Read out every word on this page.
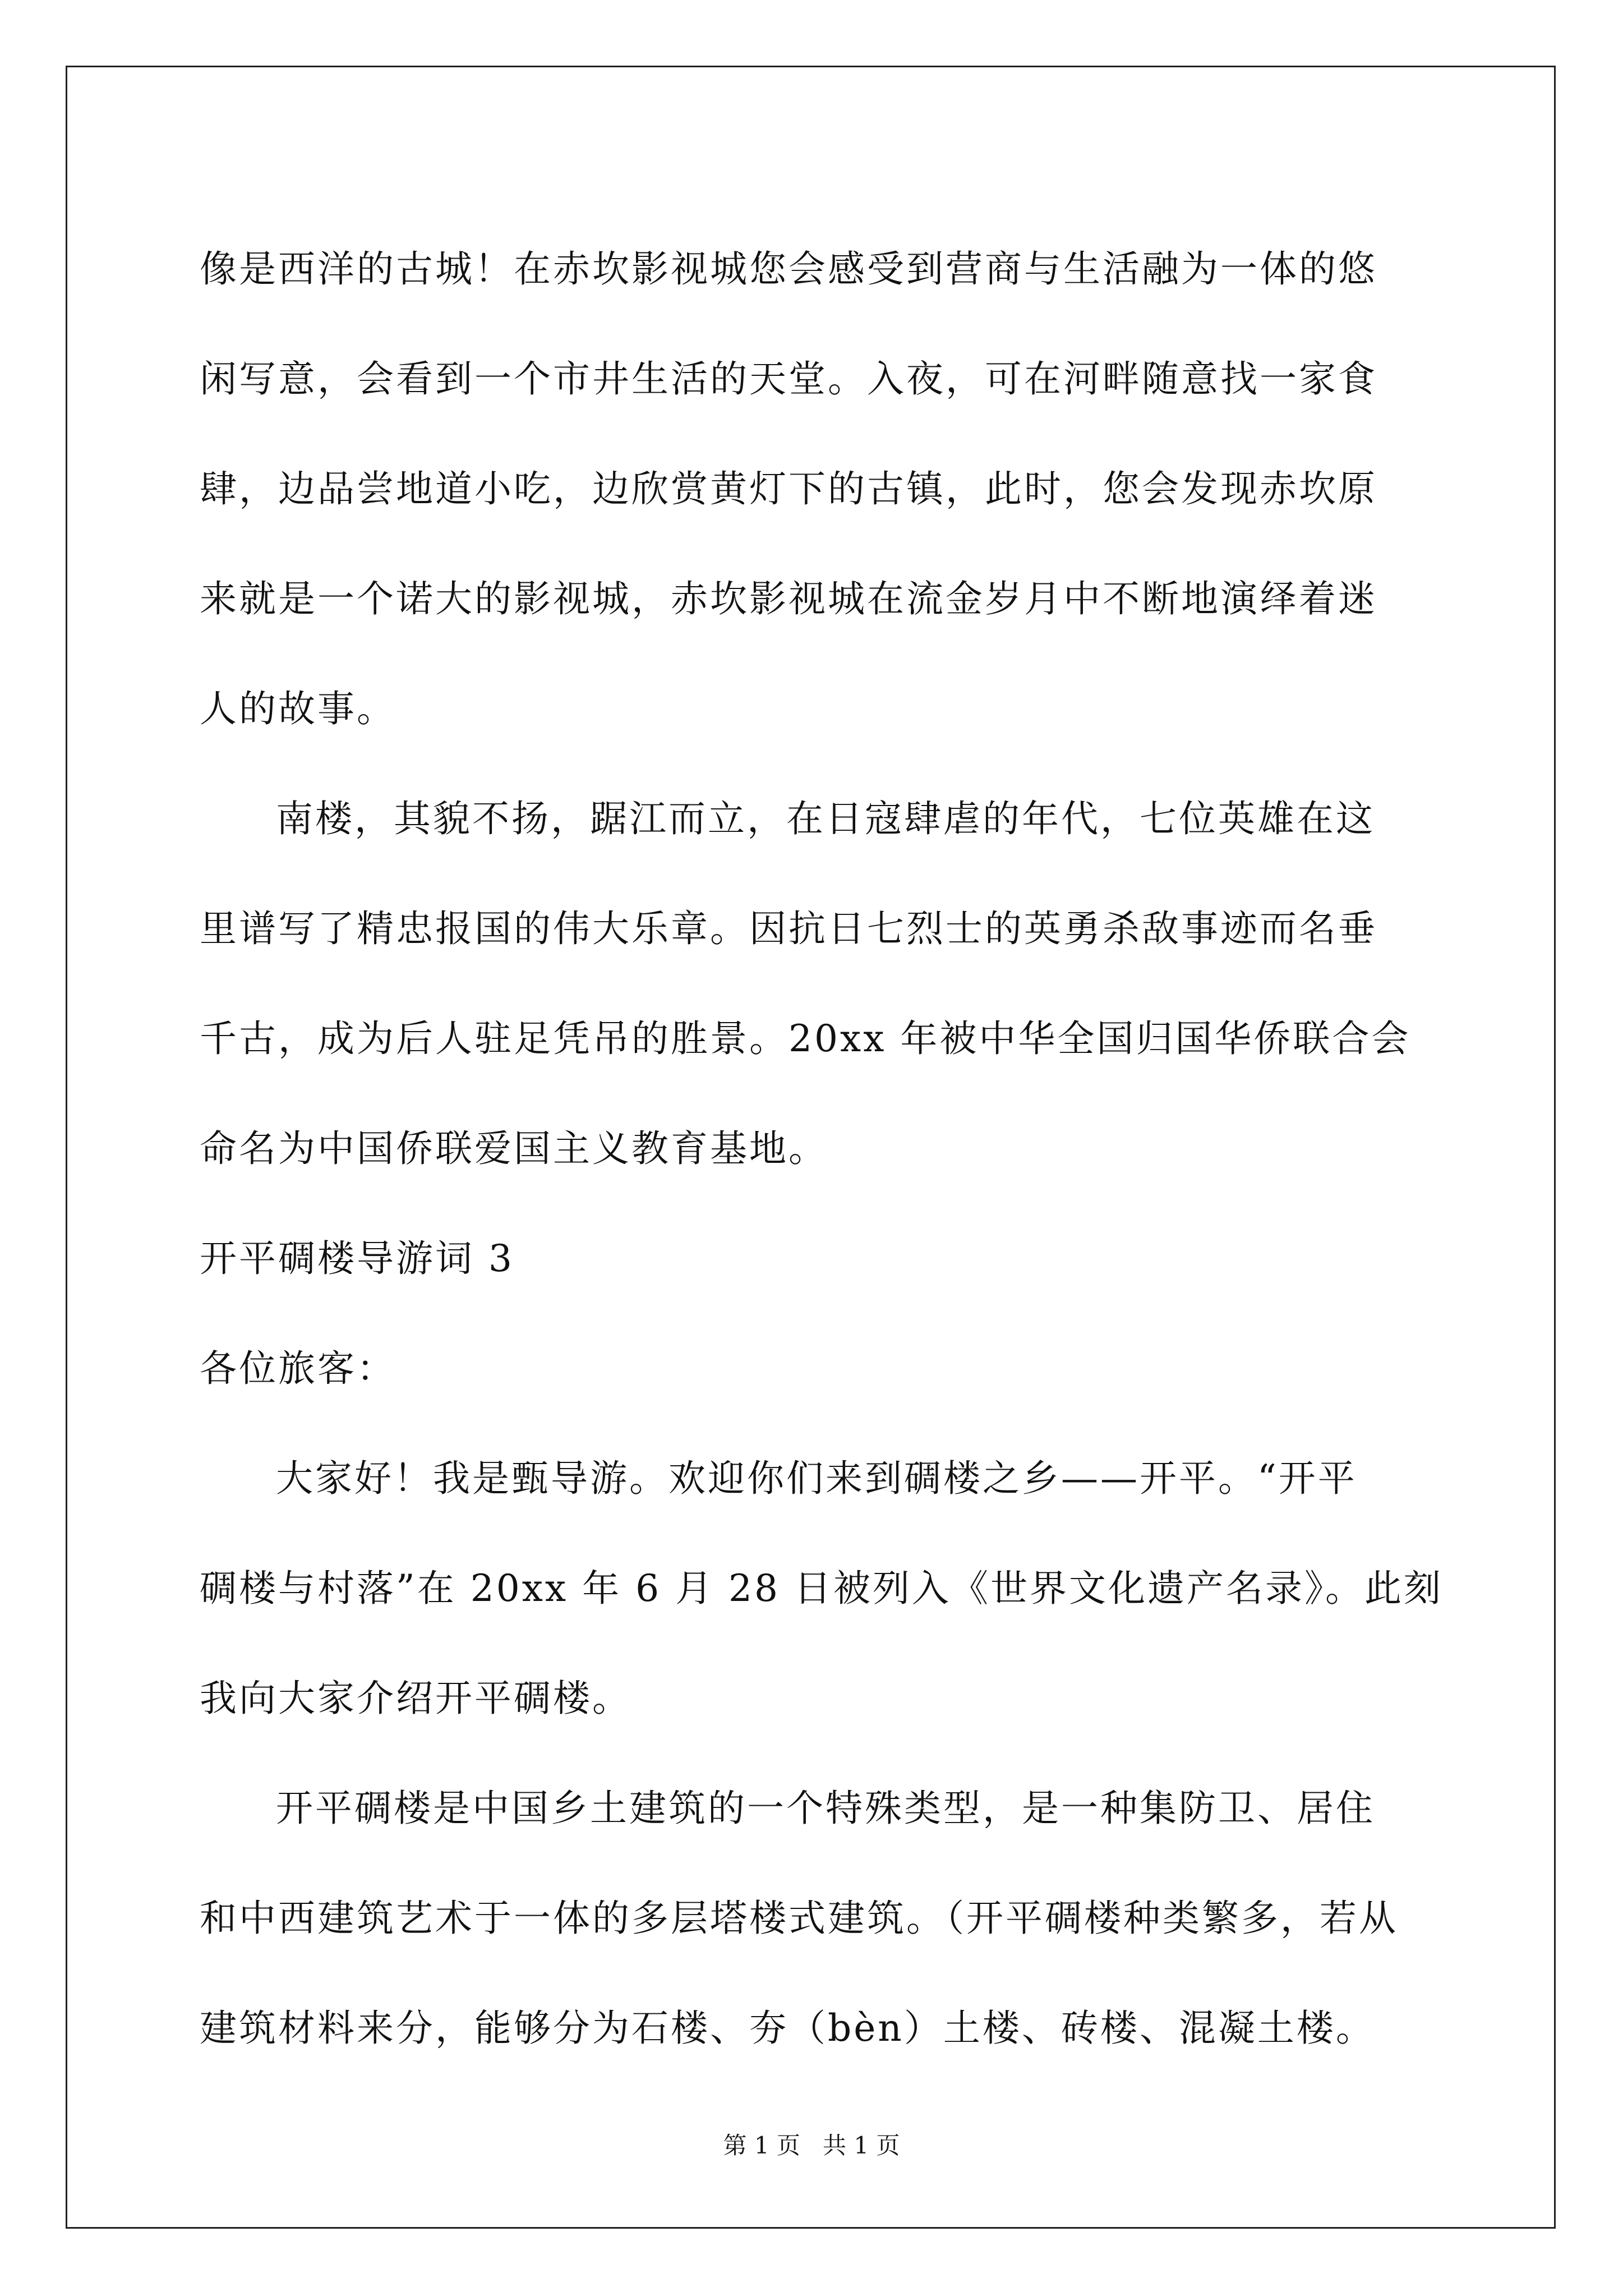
像是西洋的古城！在赤坎影视城您会感受到营商与生活融为一体的悠
闲写意，会看到一个市井生活的天堂。入夜，可在河畔随意找一家食
肆，边品尝地道小吃，边欣赏黄灯下的古镇，此时，您会发现赤坎原
来就是一个诺大的影视城，赤坎影视城在流金岁月中不断地演绎着迷
人的故事。
南楼，其貌不扬，踞江而立，在日寇肆虐的年代，七位英雄在这
里谱写了精忠报国的伟大乐章。因抗日七烈士的英勇杀敌事迹而名垂
千古，成为后人驻足凭吊的胜景。20xx 年被中华全国归国华侨联合会
命名为中国侨联爱国主义教育基地。
开平碉楼导游词 3
各位旅客：
大家好！我是甄导游。欢迎你们来到碉楼之乡——开平。“开平
碉楼与村落”在 20xx 年 6 月 28 日被列入《世界文化遗产名录》。此刻
我向大家介绍开平碉楼。
开平碉楼是中国乡土建筑的一个特殊类型，是一种集防卫、居住
和中西建筑艺术于一体的多层塔楼式建筑。（开平碉楼种类繁多，若从
建筑材料来分，能够分为石楼、夯（bèn）土楼、砖楼、混凝土楼。
第 1 页   共 1 页
